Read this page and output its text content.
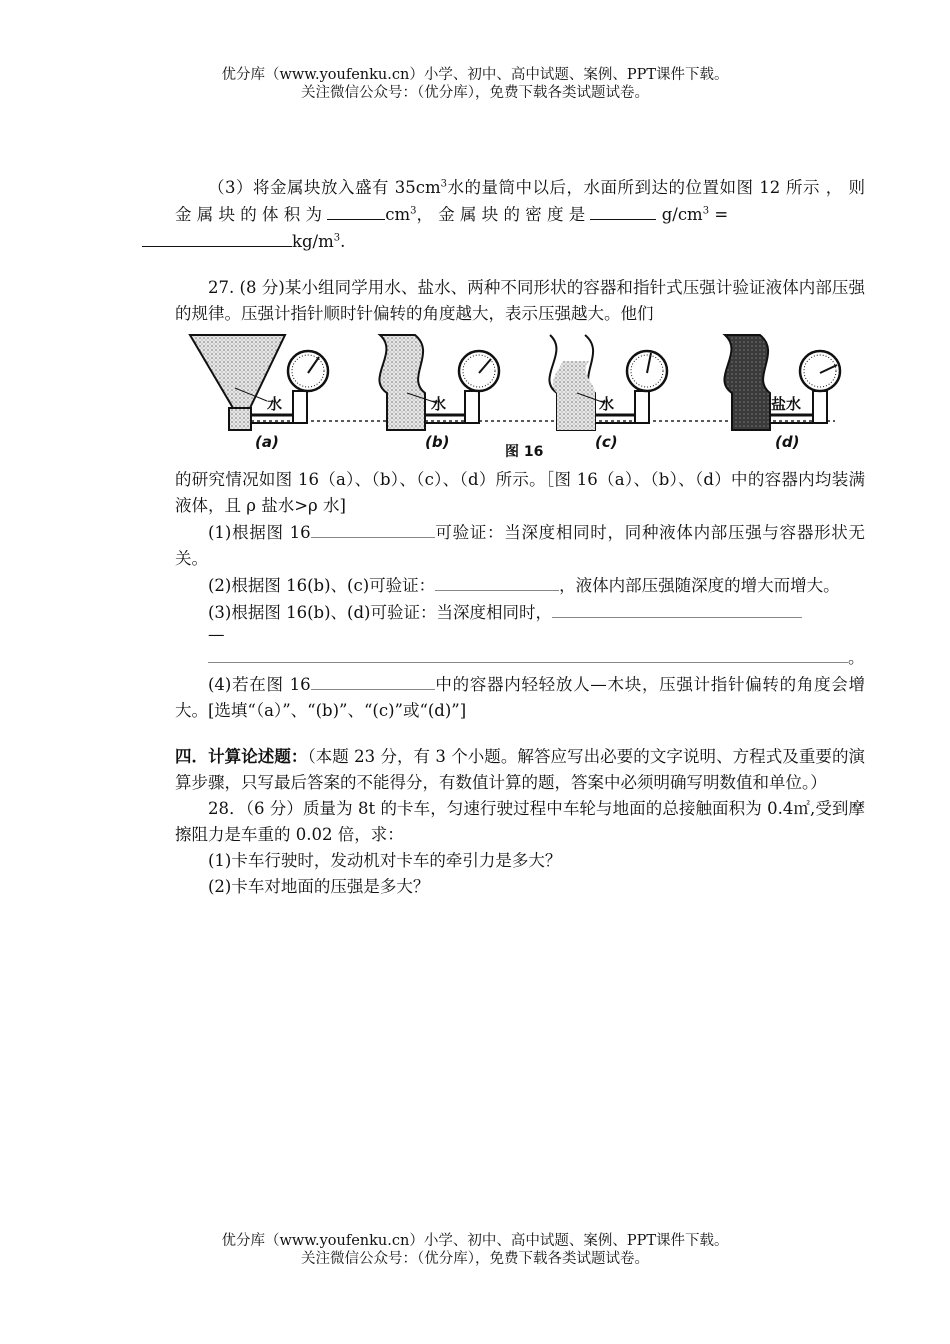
优分库（www.youfenku.cn）小学、初中、高中试题、案例、PPT课件下载。
关注微信公众号：（优分库），免费下载各类试题试卷。

（3）将金属块放入盛有 $35cm^3$水的量筒中以后，水面所到达的位置如图 12 所示 ， 则 金 属 块 的 体 积 为	$cm^3$， 金 属 块 的 密 度 是	$g/cm^3$ =
$kg/m^3$.

27. (8 分)某小组同学用水、盐水、两种不同形状的容器和指针式压强计验证液体内部压强的规律。压强计指针顺时针偏转的角度越大，表示压强越大。他们

水	水	水	盐水
(a)	(b)	(c)	(d)
图 16

的研究情况如图 16（a）、（b）、（c）、（d）所示。［图 16（a）、（b）、（d）中的容器内均装满液体，且 ρ 盐水>ρ 水]

(1)根据图 16	可验证：当深度相同时，同种液体内部压强与容器形状无关。

(2)根据图 16(b)、(c)可验证：	，液体内部压强随深度的增大而增大。

(3)根据图 16(b)、(d)可验证：当深度相同时，

—

。

(4)若在图 16	中的容器内轻轻放人—木块，压强计指针偏转的角度会增大。[选填“（a）”、“(b)”、“(c)”或“(d)”]

四．计算论述题：（本题 23 分，有 3 个小题。解答应写出必要的文字说明、方程式及重要的演算步骤，只写最后答案的不能得分，有数值计算的题，答案中必须明确写明数值和单位。）

28．（6 分）质量为 8t 的卡车，匀速行驶过程中车轮与地面的总接触面积为 0.4㎡,受到摩擦阻力是车重的 0.02 倍，求：

(1)卡车行驶时，发动机对卡车的牵引力是多大？

(2)卡车对地面的压强是多大？

优分库（www.youfenku.cn）小学、初中、高中试题、案例、PPT课件下载。
关注微信公众号：（优分库），免费下载各类试题试卷。
